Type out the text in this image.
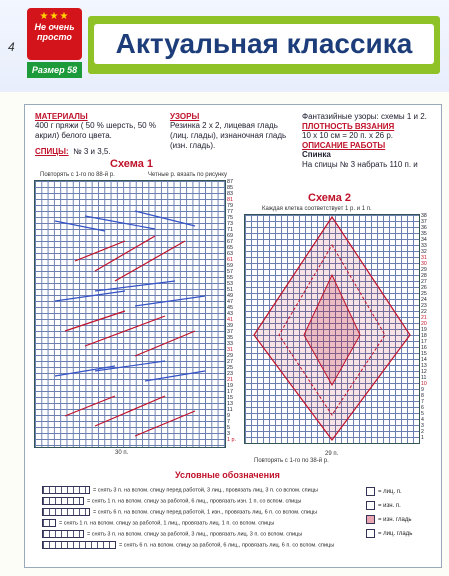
4
★★★
Не очень просто
Размер 58
Актуальная классика
МАТЕРИАЛЫ
400 г пряжи ( 50 % шерсть, 50 % акрил) белого цвета.
СПИЦЫ: № 3 и 3,5.
УЗОРЫ
Резинка 2 х 2, лицевая гладь (лиц. глады), изнаночная гладь (изн. гладь).
Фантазийные узоры: схемы 1 и 2.
ПЛОТНОСТЬ ВЯЗАНИЯ
10 х 10 см = 20 п. х 26 р.
ОПИСАНИЕ РАБОТЫ
Спинка
На спицы № 3 набрать 110 п. и
Схема 1
Повторять с 1-го по 88-й р.	Четные р. вязать по рисунку
87
85
83
81
79
77
75
73
71
69
67
65
63
61
59
57
55
53
51
49
47
45
43
41
39
37
35
33
31
29
27
25
23
21
19
17
15
13
11
9
7
5
3
1 р.
30 п.
Схема 2
Каждая клетка соответствует 1 р. и 1 п.
38
37
36
35
34
33
32
31
30
29
28
27
26
25
24
23
22
21
20
19
18
17
16
15
14
13
12
11
10
9
8
7
6
5
4
3
2
1
29 п.
Повторять с 1-го по 38-й р.
Условные обозначения
= снять 3 п. на вспом. спицу перед работой, 3 лиц., провязать лиц. 3 п. со вспом. спицы
= снять 1 п. на вспом. спицу за работой, 6 лиц., провязать изн. 1 п. со вспом. спицы
= снять 6 п. на вспом. спицу перед работой, 1 изн., провязать лиц. 6 п. со вспом. спицы
= снять 1 п. на вспом. спицу за работой, 1 лиц., провязать лиц. 1 п. со вспом. спицы
= снять 3 п. на вспом. спицу за работой, 3 лиц., провязать лиц. 3 п. со вспом. спицы
= снять 6 п. на вспом. спицу за работой, 6 лиц., провязать лиц. 6 п. со вспом. спицы
= лиц. п.
= изн. п.
= изн. гладь
= лиц. гладь
